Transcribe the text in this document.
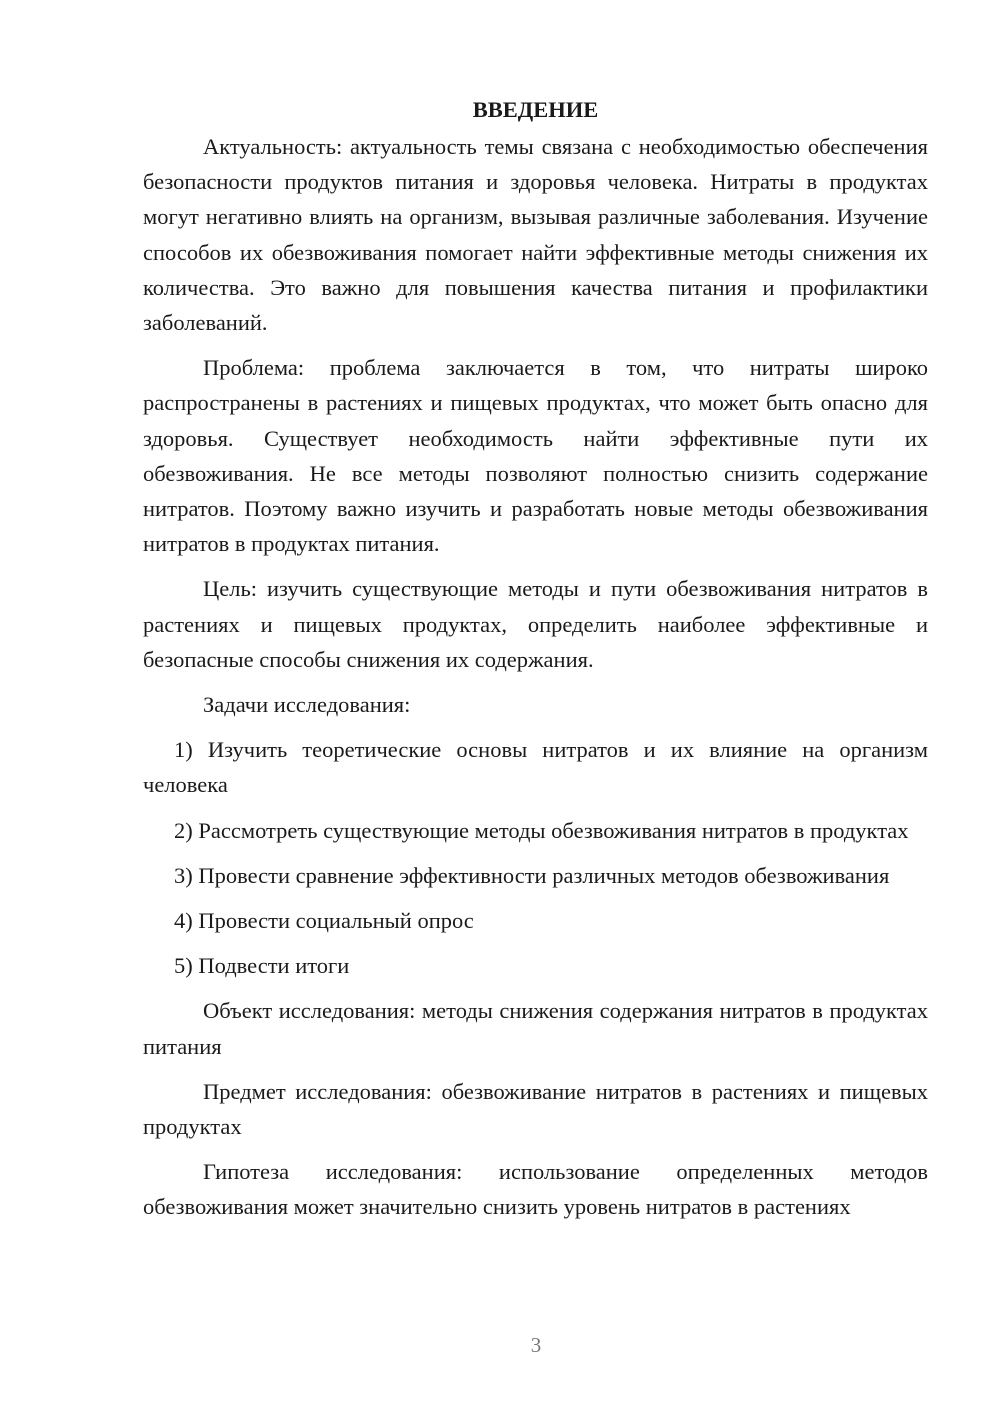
ВВЕДЕНИЕ

Актуальность: актуальность темы связана с необходимостью обеспечения безопасности продуктов питания и здоровья человека. Нитраты в продуктах могут негативно влиять на организм, вызывая различные заболевания. Изучение способов их обезвоживания помогает найти эффективные методы снижения их количества. Это важно для повышения качества питания и профилактики заболеваний.

Проблема: проблема заключается в том, что нитраты широко распространены в растениях и пищевых продуктах, что может быть опасно для здоровья. Существует необходимость найти эффективные пути их обезвоживания. Не все методы позволяют полностью снизить содержание нитратов. Поэтому важно изучить и разработать новые методы обезвоживания нитратов в продуктах питания.

Цель: изучить существующие методы и пути обезвоживания нитратов в растениях и пищевых продуктах, определить наиболее эффективные и безопасные способы снижения их содержания.

Задачи исследования:

1) Изучить теоретические основы нитратов и их влияние на организм человека

2) Рассмотреть существующие методы обезвоживания нитратов в продуктах

3) Провести сравнение эффективности различных методов обезвоживания

4) Провести социальный опрос

5) Подвести итоги

Объект исследования: методы снижения содержания нитратов в продуктах питания

Предмет исследования: обезвоживание нитратов в растениях и пищевых продуктах

Гипотеза исследования: использование определенных методов обезвоживания может значительно снизить уровень нитратов в растениях

3
